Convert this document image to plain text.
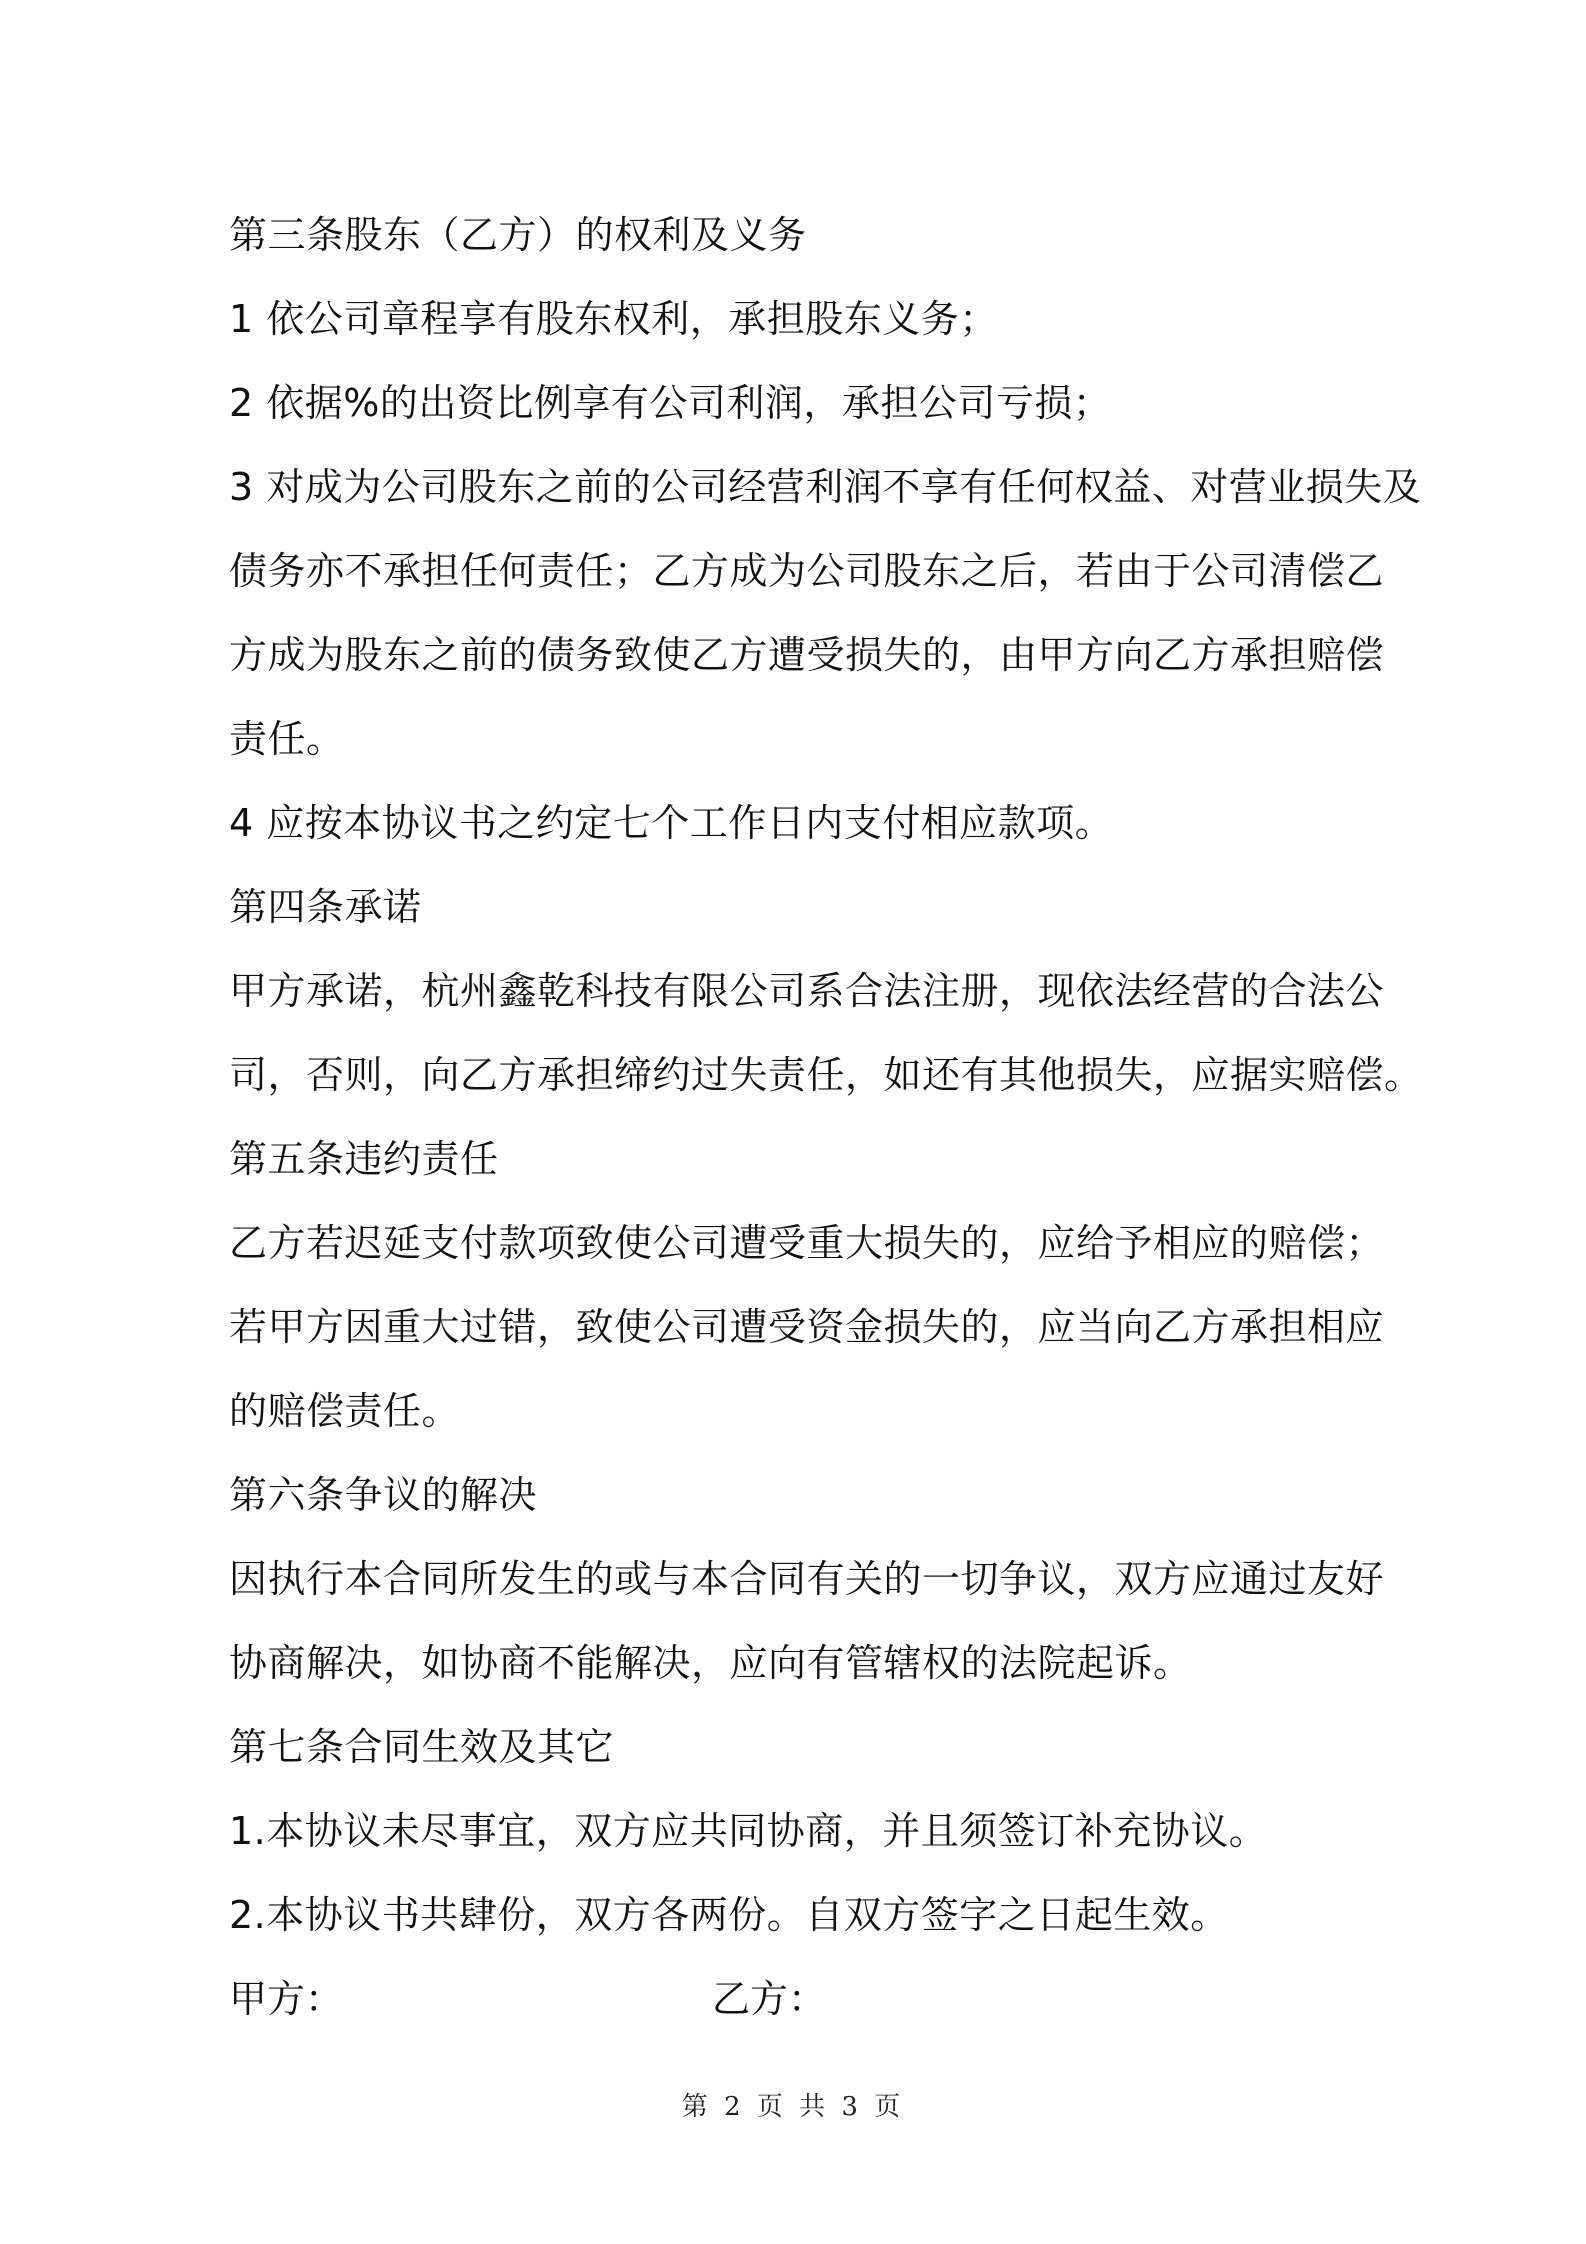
第三条股东（乙方）的权利及义务
1 依公司章程享有股东权利，承担股东义务；
2 依据%的出资比例享有公司利润，承担公司亏损；
3 对成为公司股东之前的公司经营利润不享有任何权益、对营业损失及
债务亦不承担任何责任；乙方成为公司股东之后，若由于公司清偿乙
方成为股东之前的债务致使乙方遭受损失的，由甲方向乙方承担赔偿
责任。
4 应按本协议书之约定七个工作日内支付相应款项。
第四条承诺
甲方承诺，杭州鑫乾科技有限公司系合法注册，现依法经营的合法公
司，否则，向乙方承担缔约过失责任，如还有其他损失，应据实赔偿。
第五条违约责任
乙方若迟延支付款项致使公司遭受重大损失的，应给予相应的赔偿；
若甲方因重大过错，致使公司遭受资金损失的，应当向乙方承担相应
的赔偿责任。
第六条争议的解决
因执行本合同所发生的或与本合同有关的一切争议，双方应通过友好
协商解决，如协商不能解决，应向有管辖权的法院起诉。
第七条合同生效及其它
1.本协议未尽事宜，双方应共同协商，并且须签订补充协议。
2.本协议书共肆份，双方各两份。自双方签字之日起生效。
甲方：	乙方：
第 2 页 共 3 页
